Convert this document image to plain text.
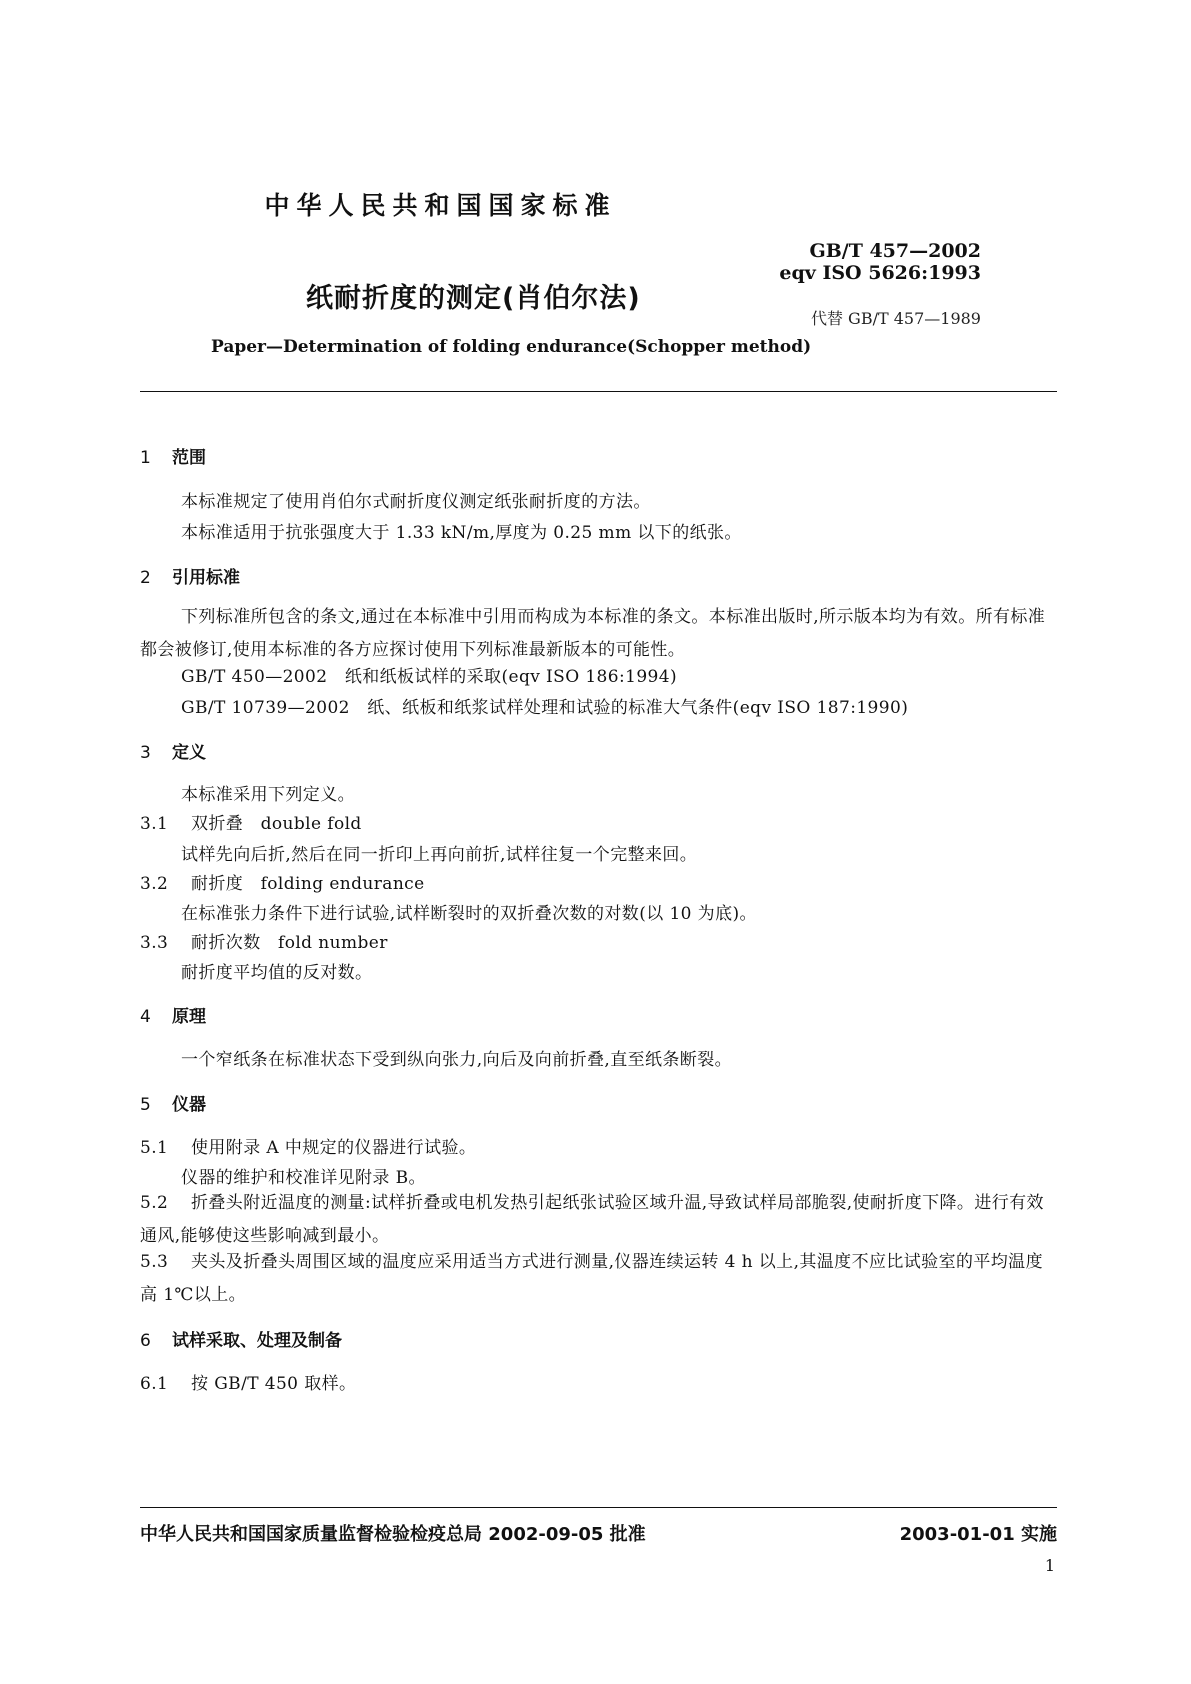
中华人民共和国国家标准
GB/T 457—2002
eqv ISO 5626:1993
纸耐折度的测定(肖伯尔法)
代替 GB/T 457—1989
Paper—Determination of folding endurance(Schopper method)
1 范围
本标准规定了使用肖伯尔式耐折度仪测定纸张耐折度的方法。
本标准适用于抗张强度大于 1.33 kN/m,厚度为 0.25 mm 以下的纸张。
2 引用标准
下列标准所包含的条文,通过在本标准中引用而构成为本标准的条文。本标准出版时,所示版本均为有效。所有标准都会被修订,使用本标准的各方应探讨使用下列标准最新版本的可能性。
GB/T 450—2002　纸和纸板试样的采取(eqv ISO 186:1994)
GB/T 10739—2002　纸、纸板和纸浆试样处理和试验的标准大气条件(eqv ISO 187:1990)
3 定义
本标准采用下列定义。
3.1 双折叠　double fold
试样先向后折,然后在同一折印上再向前折,试样往复一个完整来回。
3.2 耐折度　folding endurance
在标准张力条件下进行试验,试样断裂时的双折叠次数的对数(以 10 为底)。
3.3 耐折次数　fold number
耐折度平均值的反对数。
4 原理
一个窄纸条在标准状态下受到纵向张力,向后及向前折叠,直至纸条断裂。
5 仪器
5.1 使用附录 A 中规定的仪器进行试验。
仪器的维护和校准详见附录 B。
5.2 折叠头附近温度的测量:试样折叠或电机发热引起纸张试验区域升温,导致试样局部脆裂,使耐折度下降。进行有效通风,能够使这些影响减到最小。
5.3 夹头及折叠头周围区域的温度应采用适当方式进行测量,仪器连续运转 4 h 以上,其温度不应比试验室的平均温度高 1℃以上。
6 试样采取、处理及制备
6.1 按 GB/T 450 取样。
中华人民共和国国家质量监督检验检疫总局 2002-09-05 批准	2003-01-01 实施
1
